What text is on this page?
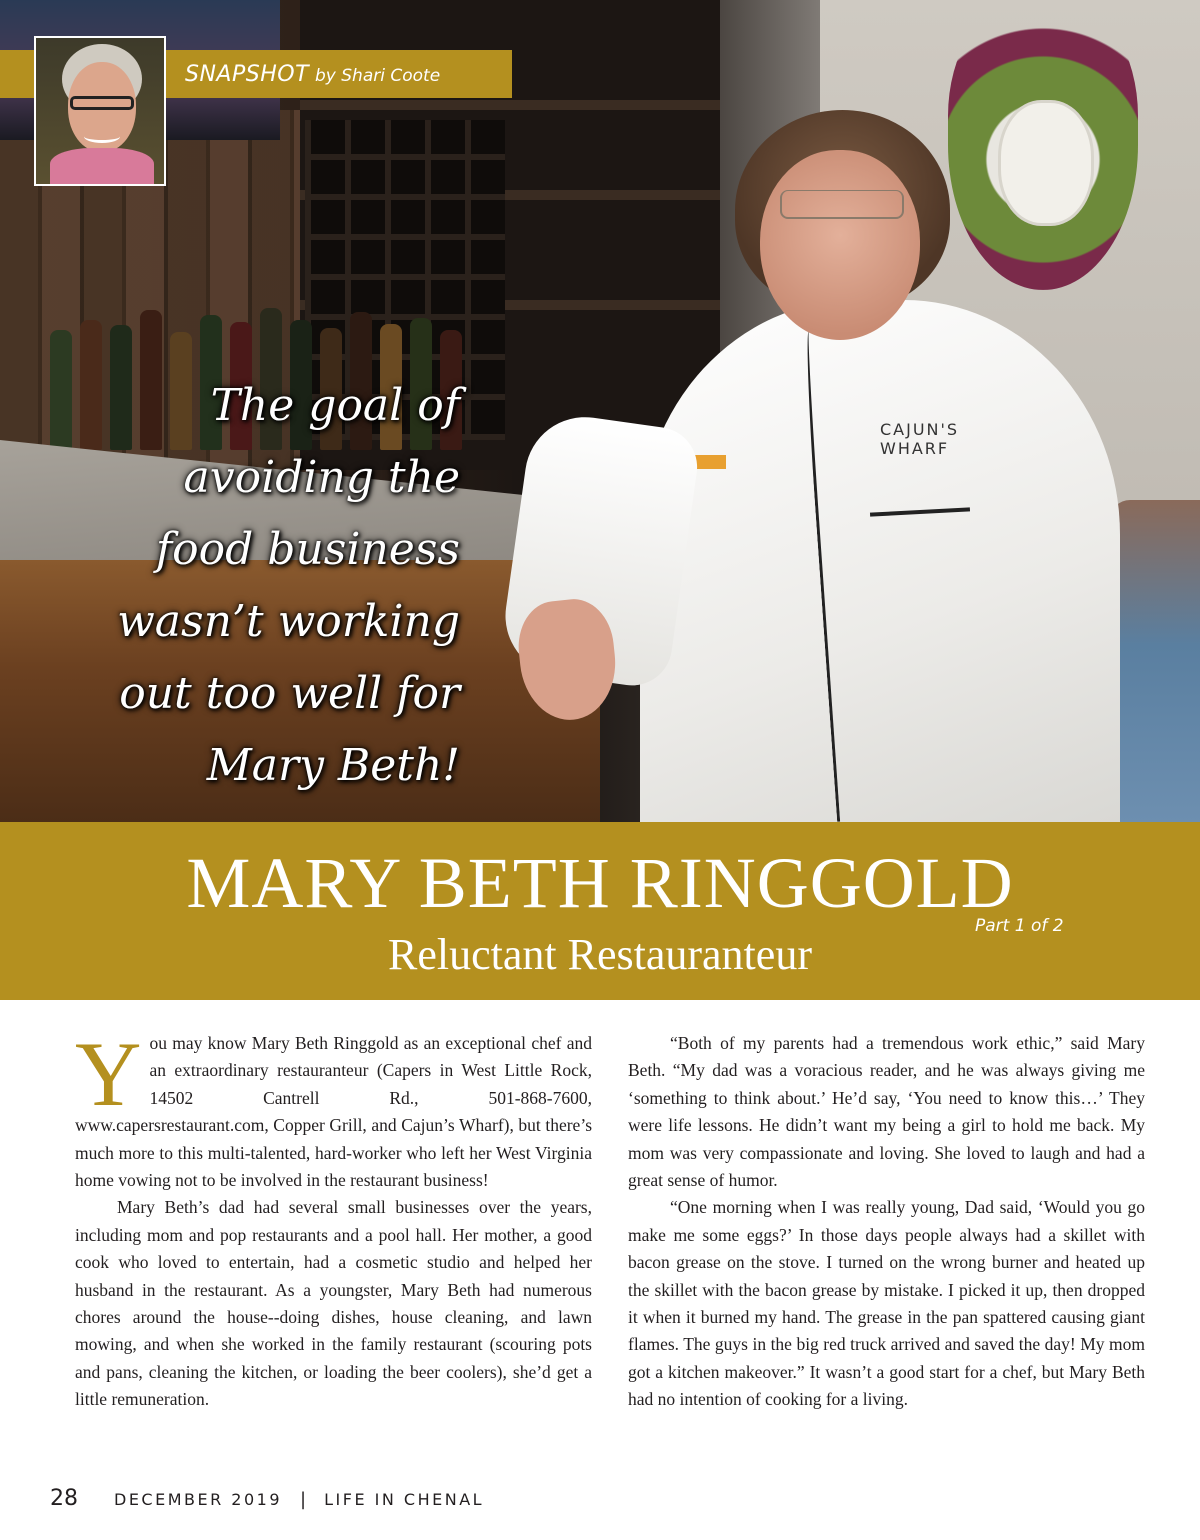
CAJUN'S WHARF
SNAPSHOT by Shari Coote
The goal of avoiding the food business wasn’t working out too well for Mary Beth!
MARY BETH RINGGOLD
Reluctant Restauranteur
Part 1 of 2

You may know Mary Beth Ringgold as an exceptional chef and an extraordinary restauranteur (Capers in West Little Rock, 14502 Cantrell Rd., 501-868-7600, www.capersrestaurant.com, Copper Grill, and Cajun’s Wharf), but there’s much more to this multi-talented, hard-worker who left her West Virginia home vowing not to be involved in the restaurant business!

Mary Beth’s dad had several small businesses over the years, including mom and pop restaurants and a pool hall. Her mother, a good cook who loved to entertain, had a cosmetic studio and helped her husband in the restaurant. As a youngster, Mary Beth had numerous chores around the house--doing dishes, house cleaning, and lawn mowing, and when she worked in the family restaurant (scouring pots and pans, cleaning the kitchen, or loading the beer coolers), she’d get a little remuneration.

“Both of my parents had a tremendous work ethic,” said Mary Beth. “My dad was a voracious reader, and he was always giving me ‘something to think about.’ He’d say, ‘You need to know this…’ They were life lessons. He didn’t want my being a girl to hold me back. My mom was very compassionate and loving. She loved to laugh and had a great sense of humor.

“One morning when I was really young, Dad said, ‘Would you go make me some eggs?’ In those days people always had a skillet with bacon grease on the stove. I turned on the wrong burner and heated up the skillet with the bacon grease by mistake. I picked it up, then dropped it when it burned my hand. The grease in the pan spattered causing giant flames. The guys in the big red truck arrived and saved the day! My mom got a kitchen makeover.” It wasn’t a good start for a chef, but Mary Beth had no intention of cooking for a living.

28 DECEMBER 2019 | LIFE IN CHENAL
